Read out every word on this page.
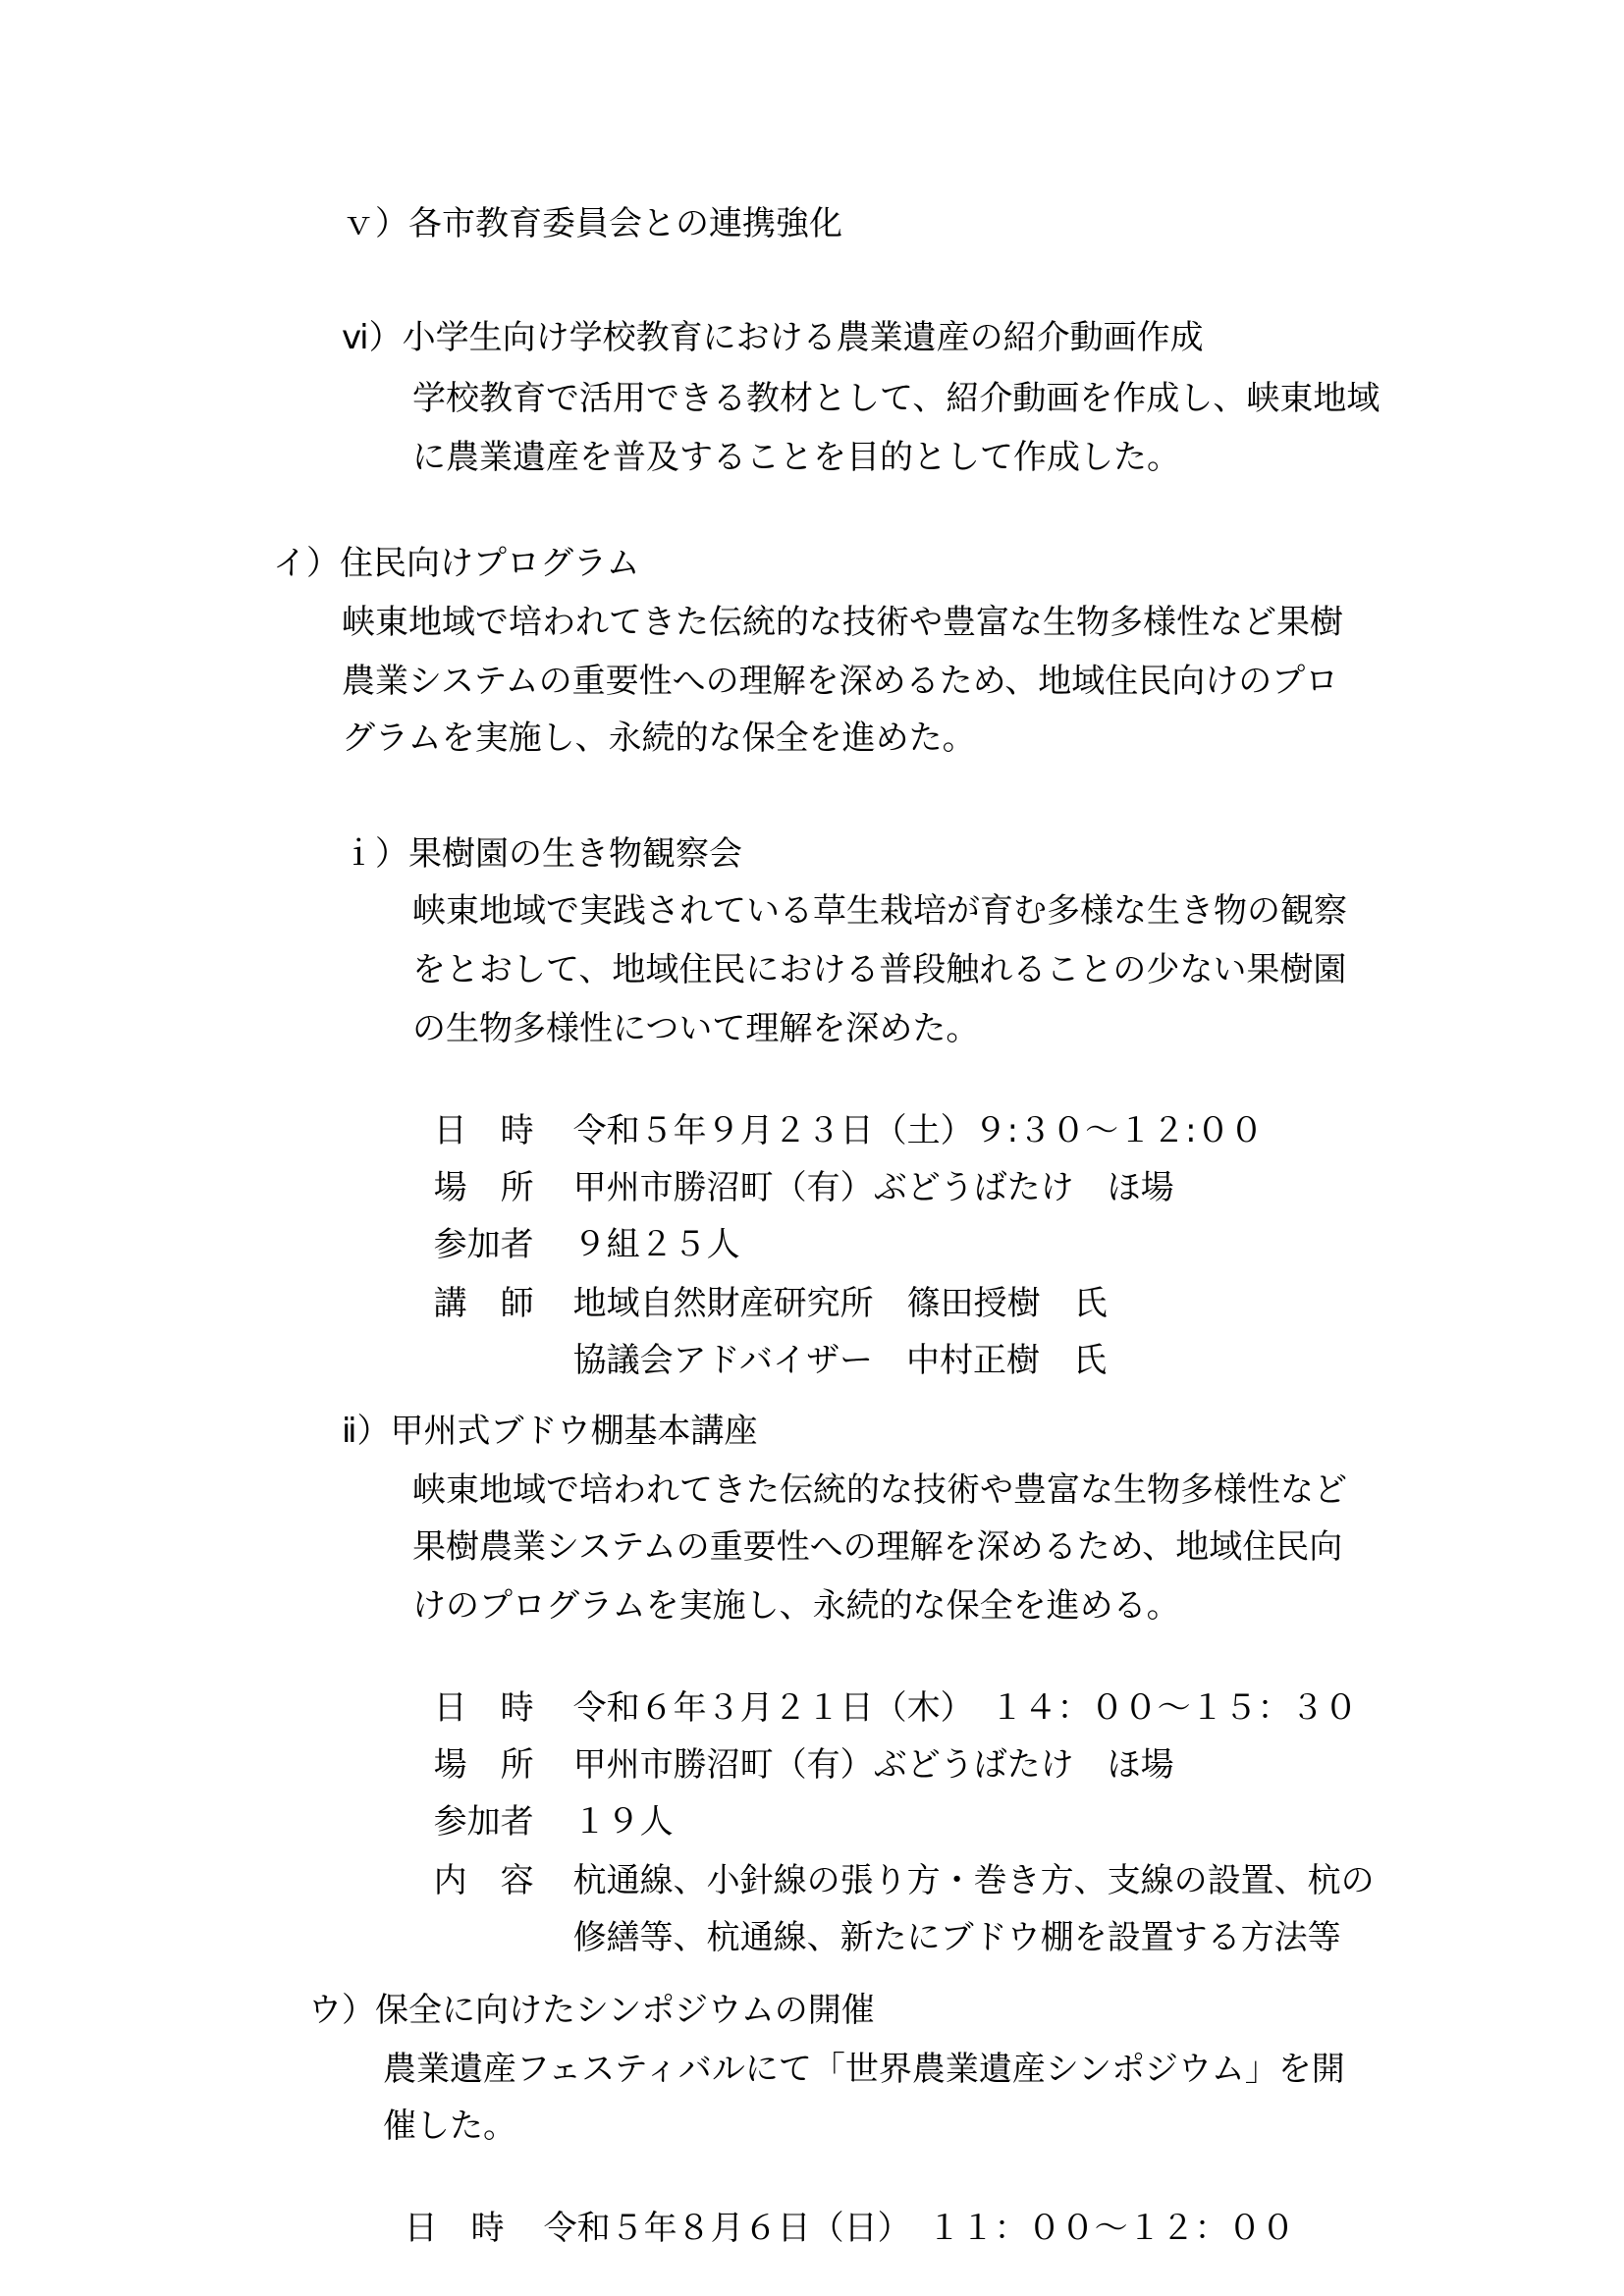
ｖ）各市教育委員会との連携強化
ⅵ）小学生向け学校教育における農業遺産の紹介動画作成
学校教育で活用できる教材として、紹介動画を作成し、峡東地域
に農業遺産を普及することを目的として作成した。
イ）住民向けプログラム
峡東地域で培われてきた伝統的な技術や豊富な生物多様性など果樹
農業システムの重要性への理解を深めるため、地域住民向けのプロ
グラムを実施し、永続的な保全を進めた。
ｉ）果樹園の生き物観察会
峡東地域で実践されている草生栽培が育む多様な生き物の観察
をとおして、地域住民における普段触れることの少ない果樹園
の生物多様性について理解を深めた。

日　時 令和５年９月２３日（土）９:３０～１２:００

場　所 甲州市勝沼町（有）ぶどうばたけ　ほ場

参加者 ９組２５人

講　師 地域自然財産研究所　篠田授樹　氏

協議会アドバイザー　中村正樹　氏

ⅱ）甲州式ブドウ棚基本講座
峡東地域で培われてきた伝統的な技術や豊富な生物多様性など
果樹農業システムの重要性への理解を深めるため、地域住民向
けのプログラムを実施し、永続的な保全を進める。

日　時 令和６年３月２１日（木）　１４：００～１５：３０

場　所 甲州市勝沼町（有）ぶどうばたけ　ほ場

参加者 １９人

内　容 杭通線、小針線の張り方・巻き方、支線の設置、杭の

修繕等、杭通線、新たにブドウ棚を設置する方法等

ウ）保全に向けたシンポジウムの開催
農業遺産フェスティバルにて「世界農業遺産シンポジウム」を開
催した。

日　時 令和５年８月６日（日）　１１：００～１２：００
